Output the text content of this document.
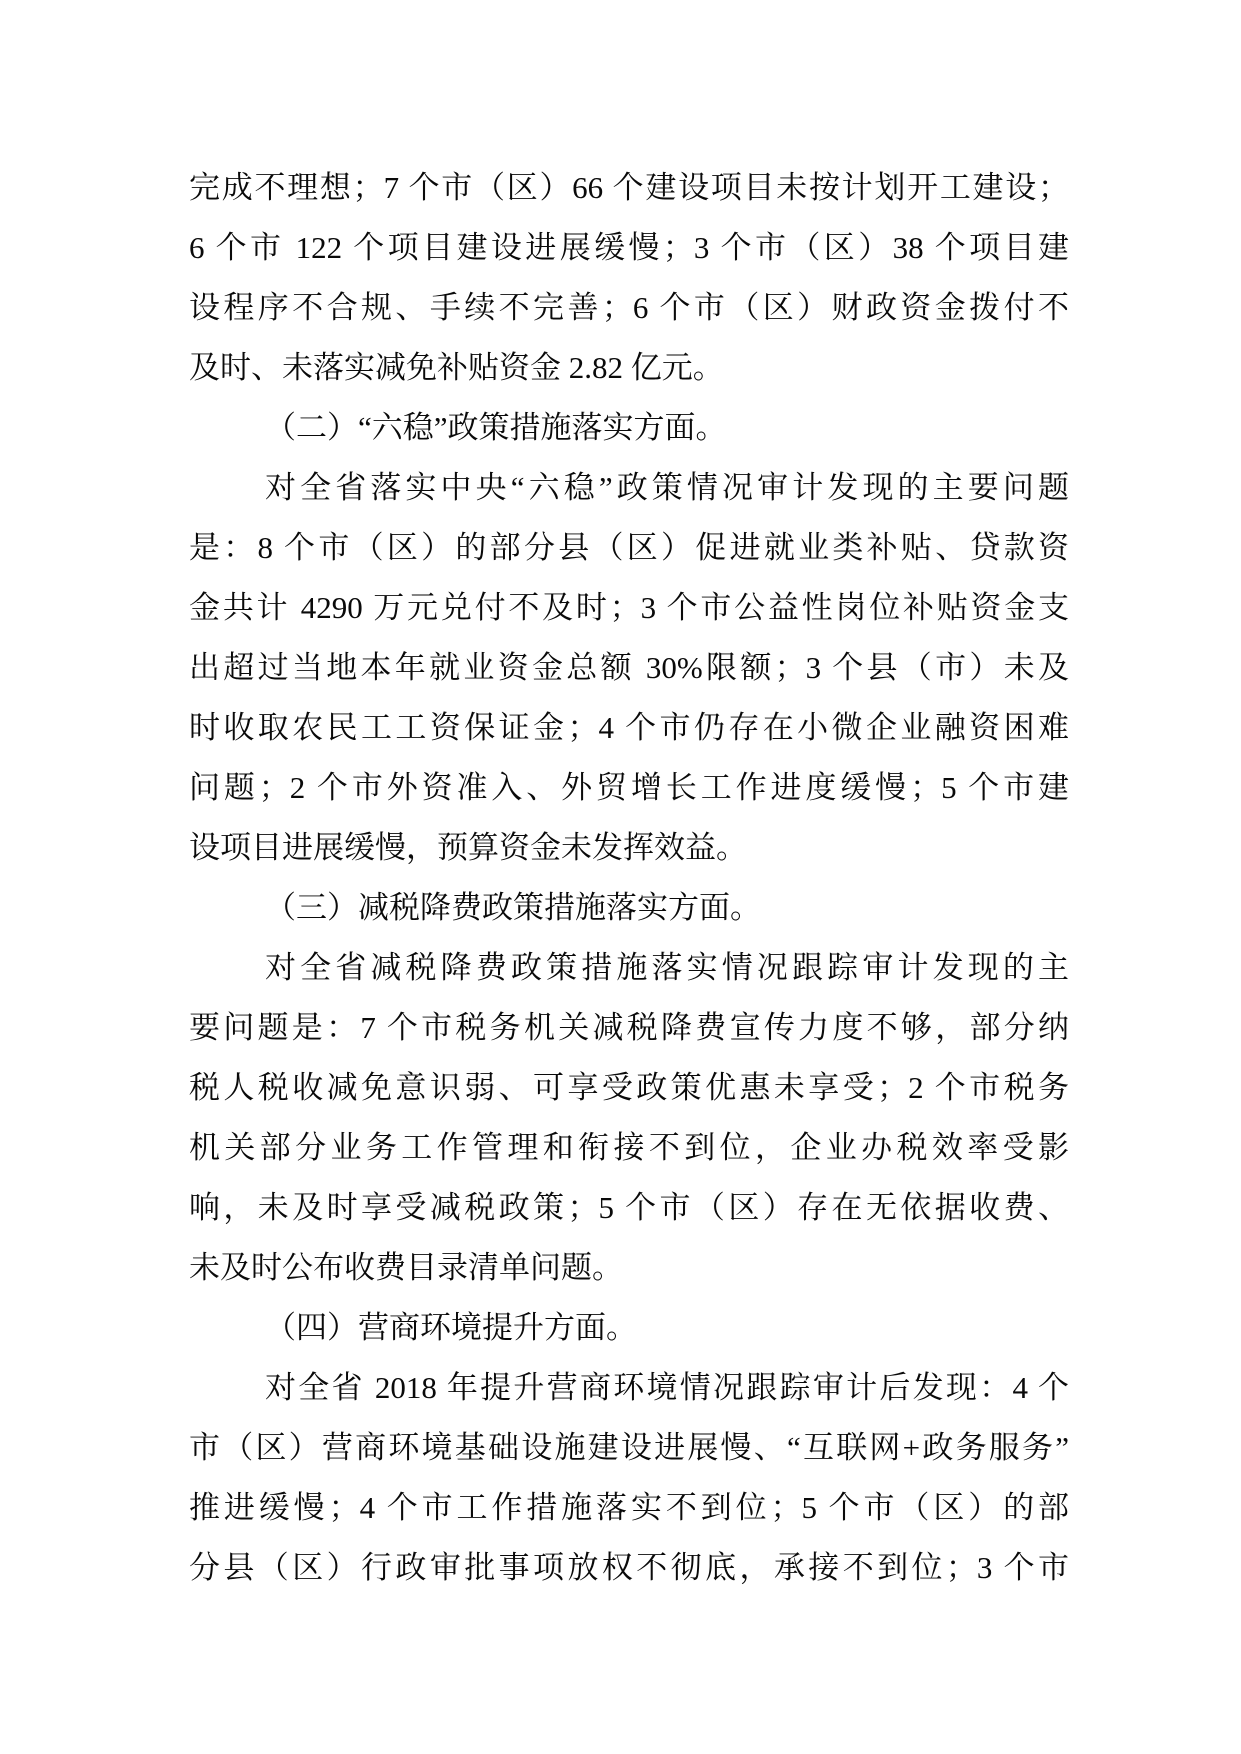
完成不理想；7 个市（区）66 个建设项目未按计划开工建设；
6 个市 122 个项目建设进展缓慢；3 个市（区）38 个项目建
设程序不合规、手续不完善；6 个市（区）财政资金拨付不
及时、未落实减免补贴资金 2.82 亿元。
（二）“六稳”政策措施落实方面。
对全省落实中央“六稳”政策情况审计发现的主要问题
是：8 个市（区）的部分县（区）促进就业类补贴、贷款资
金共计 4290 万元兑付不及时；3 个市公益性岗位补贴资金支
出超过当地本年就业资金总额 30%限额；3 个县（市）未及
时收取农民工工资保证金；4 个市仍存在小微企业融资困难
问题；2 个市外资准入、外贸增长工作进度缓慢；5 个市建
设项目进展缓慢，预算资金未发挥效益。
（三）减税降费政策措施落实方面。
对全省减税降费政策措施落实情况跟踪审计发现的主
要问题是：7 个市税务机关减税降费宣传力度不够，部分纳
税人税收减免意识弱、可享受政策优惠未享受；2 个市税务
机关部分业务工作管理和衔接不到位，企业办税效率受影
响，未及时享受减税政策；5 个市（区）存在无依据收费、
未及时公布收费目录清单问题。
（四）营商环境提升方面。
对全省 2018 年提升营商环境情况跟踪审计后发现：4 个
市（区）营商环境基础设施建设进展慢、“互联网+政务服务”
推进缓慢；4 个市工作措施落实不到位；5 个市（区）的部
分县（区）行政审批事项放权不彻底，承接不到位；3 个市
